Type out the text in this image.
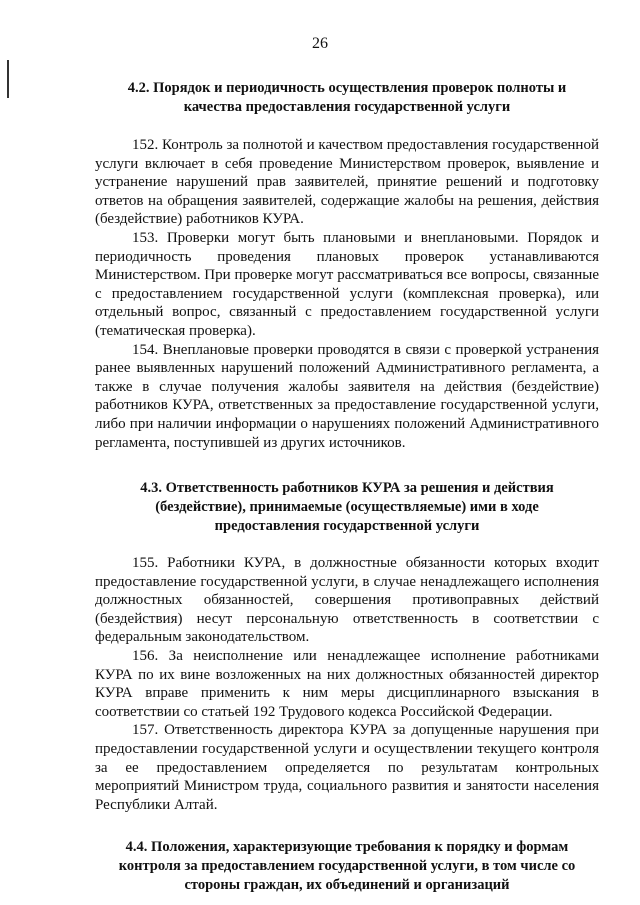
26
4.2. Порядок и периодичность осуществления проверок полноты и
качества предоставления государственной услуги

152. Контроль за полнотой и качеством предоставления государственной услуги включает в себя проведение Министерством проверок, выявление и устранение нарушений прав заявителей, принятие решений и подготовку ответов на обращения заявителей, содержащие жалобы на решения, действия (бездействие) работников КУРА.

153. Проверки могут быть плановыми и внеплановыми. Порядок и периодичность проведения плановых проверок устанавливаются Министерством. При проверке могут рассматриваться все вопросы, связанные с предоставлением государственной услуги (комплексная проверка), или отдельный вопрос, связанный с предоставлением государственной услуги (тематическая проверка).

154. Внеплановые проверки проводятся в связи с проверкой устранения ранее выявленных нарушений положений Административного регламента, а также в случае получения жалобы заявителя на действия (бездействие) работников КУРА, ответственных за предоставление государственной услуги, либо при наличии информации о нарушениях положений Административного регламента, поступившей из других источников.

4.3. Ответственность работников КУРА за решения и действия
(бездействие), принимаемые (осуществляемые) ими в ходе
предоставления государственной услуги

155. Работники КУРА, в должностные обязанности которых входит предоставление государственной услуги, в случае ненадлежащего исполнения должностных обязанностей, совершения противоправных действий (бездействия) несут персональную ответственность в соответствии с федеральным законодательством.

156. За неисполнение или ненадлежащее исполнение работниками КУРА по их вине возложенных на них должностных обязанностей директор КУРА вправе применить к ним меры дисциплинарного взыскания в соответствии со статьей 192 Трудового кодекса Российской Федерации.

157. Ответственность директора КУРА за допущенные нарушения при предоставлении государственной услуги и осуществлении текущего контроля за ее предоставлением определяется по результатам контрольных мероприятий Министром труда, социального развития и занятости населения Республики Алтай.

4.4. Положения, характеризующие требования к порядку и формам
контроля за предоставлением государственной услуги, в том числе со
стороны граждан, их объединений и организаций
